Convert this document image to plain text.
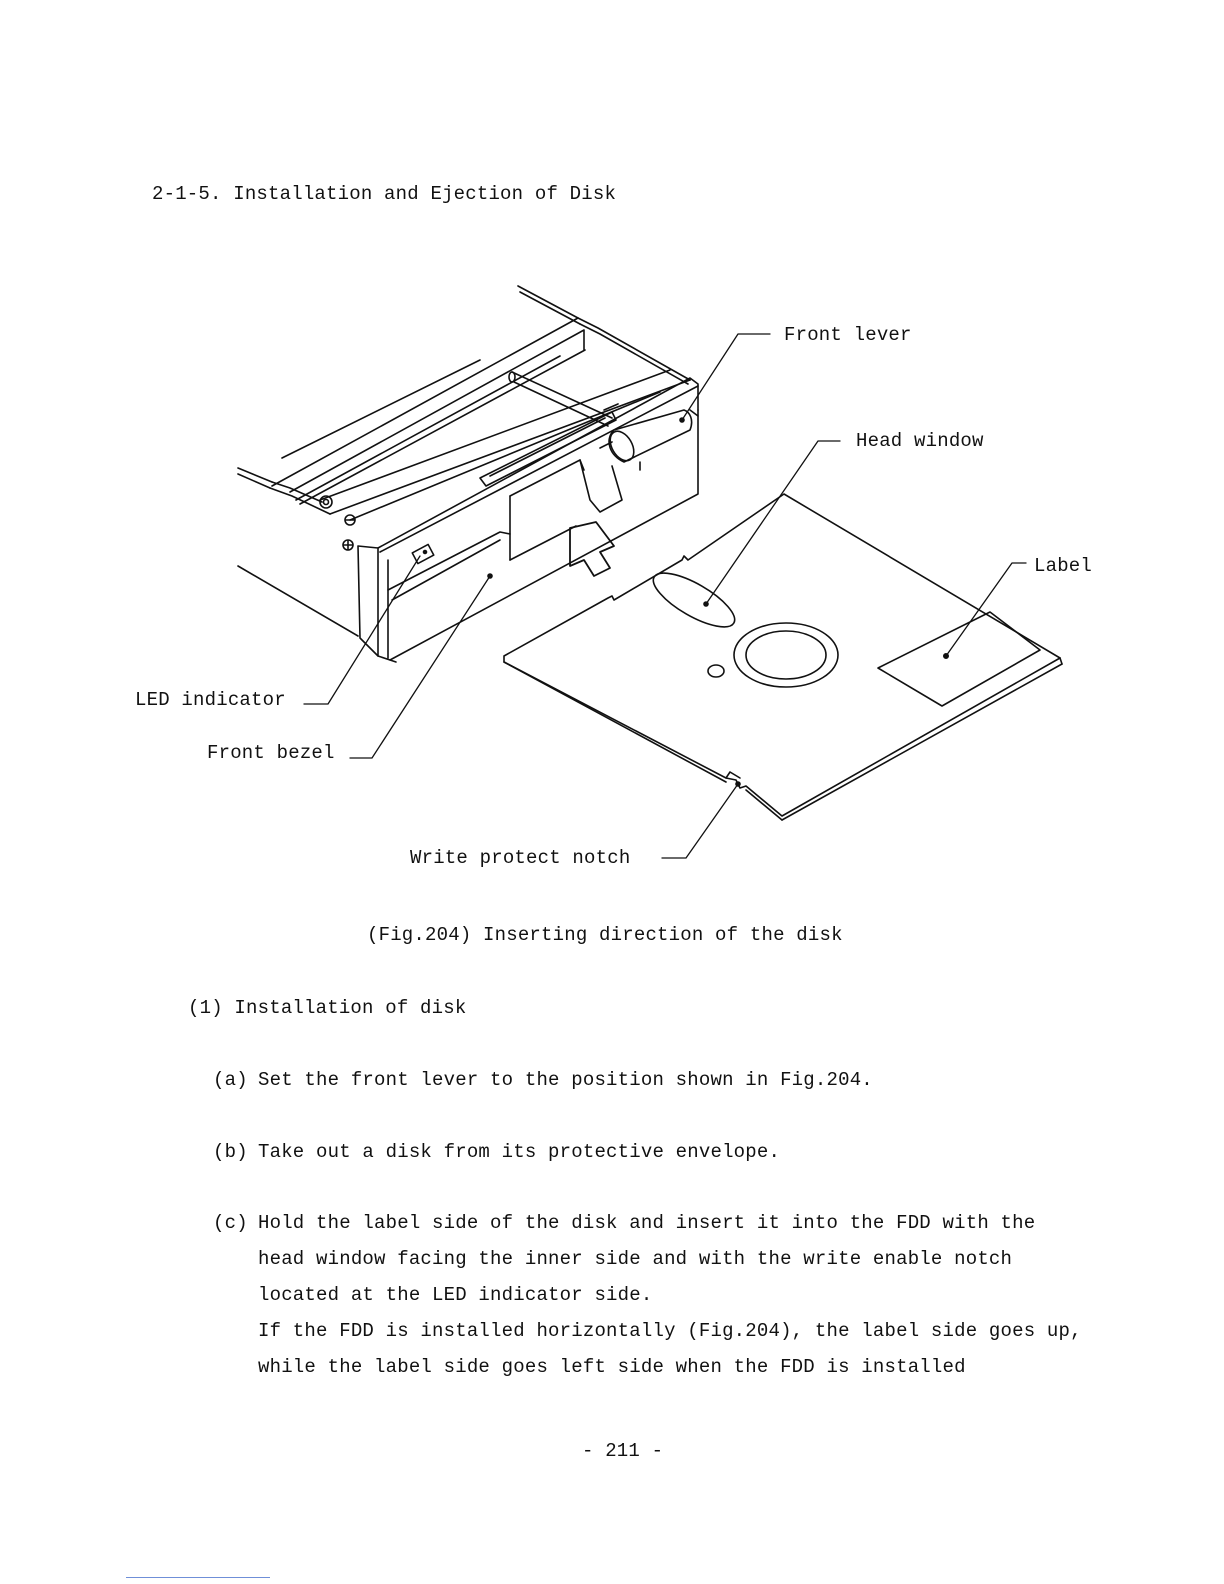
2-1-5. Installation and Ejection of Disk
Front lever
Head window
Label
LED indicator
Front bezel
Write protect notch
(Fig.204) Inserting direction of the disk
(1) Installation of disk
(a) Set the front lever to the position shown in Fig.204.
(b) Take out a disk from its protective envelope.
(c) Hold the label side of the disk and insert it into the FDD with the
head window facing the inner side and with the write enable notch
located at the LED indicator side.
If the FDD is installed horizontally (Fig.204), the label side goes up,
while the label side goes left side when the FDD is installed
- 211 -
